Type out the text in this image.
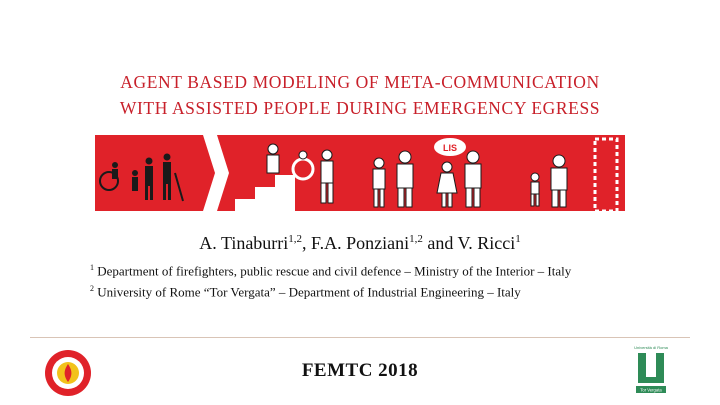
AGENT BASED MODELING OF META-COMMUNICATION
WITH ASSISTED PEOPLE DURING EMERGENCY EGRESS
LIS
A. Tinaburri$^{1,2}$, F.A. Ponziani$^{1,2}$ and V. Ricci$^1$
$^1$ Department of firefighters, public rescue and civil defence – Ministry of the Interior – Italy
$^2$ University of Rome “Tor Vergata” – Department of Industrial Engineering – Italy
FEMTC 2018
Università di Roma
Tor Vergata
